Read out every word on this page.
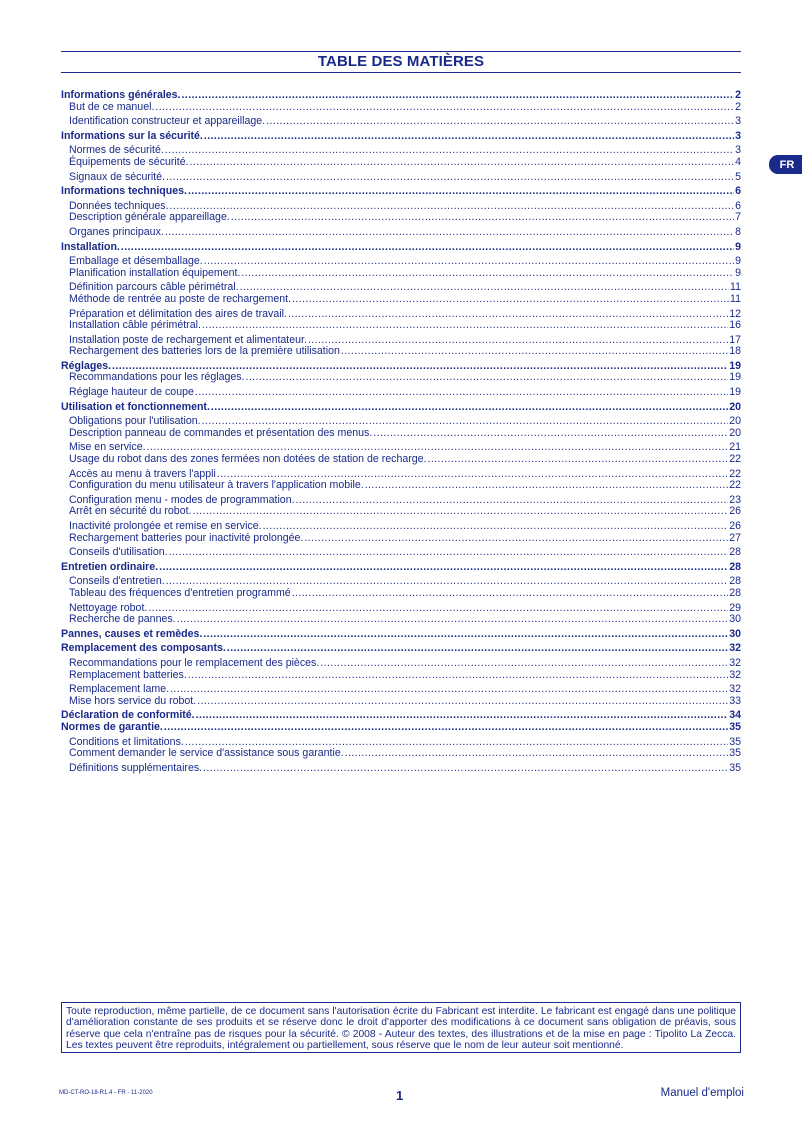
TABLE DES MATIÈRES
FR
Informations générales. .....	2
But de ce manuel. .....	2
Identification constructeur et appareillage. .....	3
Informations sur la sécurité. .....	3
Normes de sécurité. .....	3
Équipements de sécurité. .....	4
Signaux de sécurité. .....	5
Informations techniques. .....	6
Données techniques. .....	6
Description générale appareillage. .....	7
Organes principaux. .....	8
Installation. .....	9
Emballage et désemballage. .....	9
Planification installation équipement. .....	9
Définition parcours câble périmétral. .....	11
Méthode de rentrée au poste de rechargement. .....	11
Préparation et délimitation des aires de travail. .....	12
Installation câble périmétral. .....	16
Installation poste de rechargement et alimentateur. .....	17
Rechargement des batteries lors de la première utilisation .....	18
Réglages. .....	19
Recommandations pour les réglages. .....	19
Réglage hauteur de coupe .....	19
Utilisation et fonctionnement. .....	20
Obligations pour l'utilisation. .....	20
Description panneau de commandes et présentation des menus. .....	20
Mise en service. .....	21
Usage du robot dans des zones fermées non dotées de station de recharge. .....	22
Accès au menu à travers l'appli .....	22
Configuration du menu utilisateur à travers l'application mobile. .....	22
Configuration menu - modes de programmation. .....	23
Arrêt en sécurité du robot. .....	26
Inactivité prolongée et remise en service. .....	26
Rechargement batteries pour inactivité prolongée. .....	27
Conseils d'utilisation. .....	28
Entretien ordinaire. .....	28
Conseils d'entretien. .....	28
Tableau des fréquences d'entretien programmé .....	28
Nettoyage robot. .....	29
Recherche de pannes. .....	30
Pannes, causes et remèdes. .....	30
Remplacement des composants. .....	32
Recommandations pour le remplacement des pièces. .....	32
Remplacement batteries. .....	32
Remplacement lame. .....	32
Mise hors service du robot. .....	33
Déclaration de conformité. .....	34
Normes de garantie. .....	35
Conditions et limitations. .....	35
Comment demander le service d'assistance sous garantie. .....	35
Définitions supplémentaires. .....	35
Toute reproduction, même partielle, de ce document sans l'autorisation écrite du Fabricant est interdite. Le fabricant est engagé dans une politique d'amélioration constante de ses produits et se réserve donc le droit d'apporter des modifications à ce document sans obligation de préavis, sous réserve que cela n'entraîne pas de risques pour la sécurité. © 2008 - Auteur des textes, des illustrations et de la mise en page : Tipolito La Zecca. Les textes peuvent être reproduits, intégralement ou partiellement, sous réserve que le nom de leur auteur soit mentionné.
MD-CT-RO-18-R1.4 - FR - 11-2020	1	Manuel d'emploi
